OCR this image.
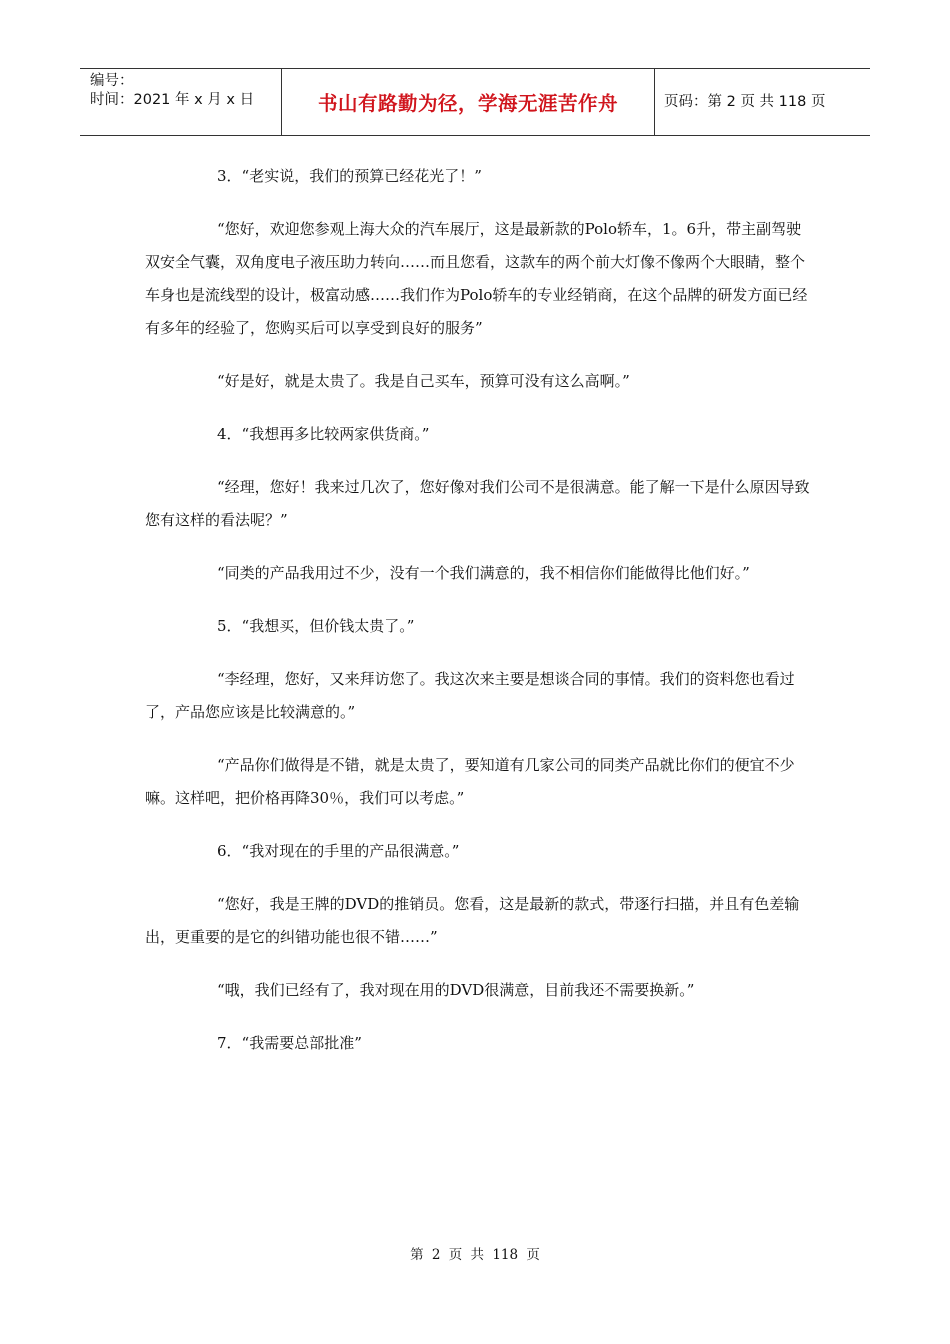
编号：
时间：2021 年 x 月 x 日	书山有路勤为径，学海无涯苦作舟	页码：第 2 页 共 118 页

3．“老实说，我们的预算已经花光了！”

“您好，欢迎您参观上海大众的汽车展厅，这是最新款的Polo轿车，1。6升，带主副驾驶双安全气囊，双角度电子液压助力转向……而且您看，这款车的两个前大灯像不像两个大眼睛，整个车身也是流线型的设计，极富动感……我们作为Polo轿车的专业经销商，在这个品牌的研发方面已经有多年的经验了，您购买后可以享受到良好的服务”

“好是好，就是太贵了。我是自己买车，预算可没有这么高啊。”

4．“我想再多比较两家供货商。”

“经理，您好！我来过几次了，您好像对我们公司不是很满意。能了解一下是什么原因导致您有这样的看法呢？”

“同类的产品我用过不少，没有一个我们满意的，我不相信你们能做得比他们好。”

5．“我想买，但价钱太贵了。”

“李经理，您好，又来拜访您了。我这次来主要是想谈合同的事情。我们的资料您也看过了，产品您应该是比较满意的。”

“产品你们做得是不错，就是太贵了，要知道有几家公司的同类产品就比你们的便宜不少嘛。这样吧，把价格再降30％，我们可以考虑。”

6．“我对现在的手里的产品很满意。”

“您好，我是王牌的DVD的推销员。您看，这是最新的款式，带逐行扫描，并且有色差输出，更重要的是它的纠错功能也很不错……”

“哦，我们已经有了，我对现在用的DVD很满意，目前我还不需要换新。”

7．“我需要总部批准”

第 2 页 共 118 页
